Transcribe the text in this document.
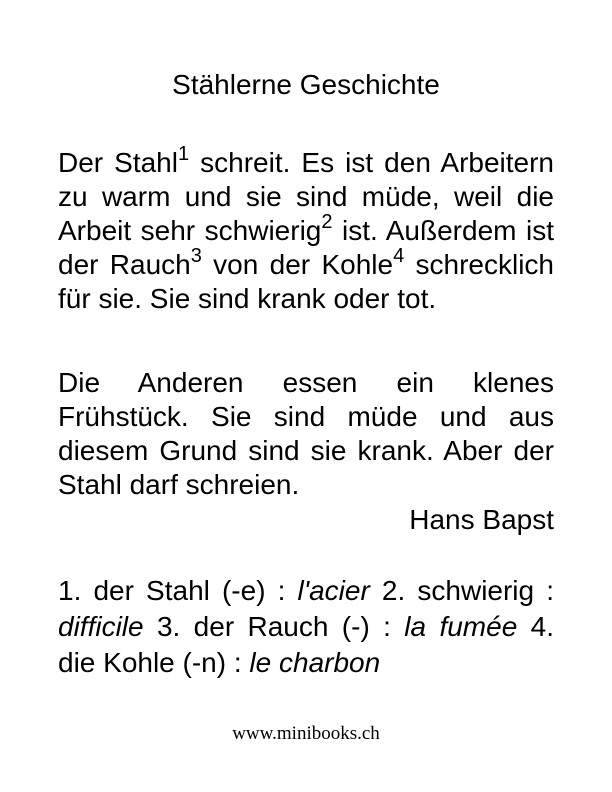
Stählerne Geschichte

Der Stahl$^1$ schreit. Es ist den Arbeitern zu warm und sie sind müde, weil die Arbeit sehr schwierig$^2$ ist. Außerdem ist der Rauch$^3$ von der Kohle$^4$ schrecklich für sie. Sie sind krank oder tot.

Die Anderen essen ein klenes Frühstück. Sie sind müde und aus diesem Grund sind sie krank. Aber der Stahl darf schreien.

Hans Bapst

1. der Stahl (-e) : l'acier 2. schwierig : difficile 3. der Rauch (-) : la fumée 4. die Kohle (-n) : le charbon

www.minibooks.ch
